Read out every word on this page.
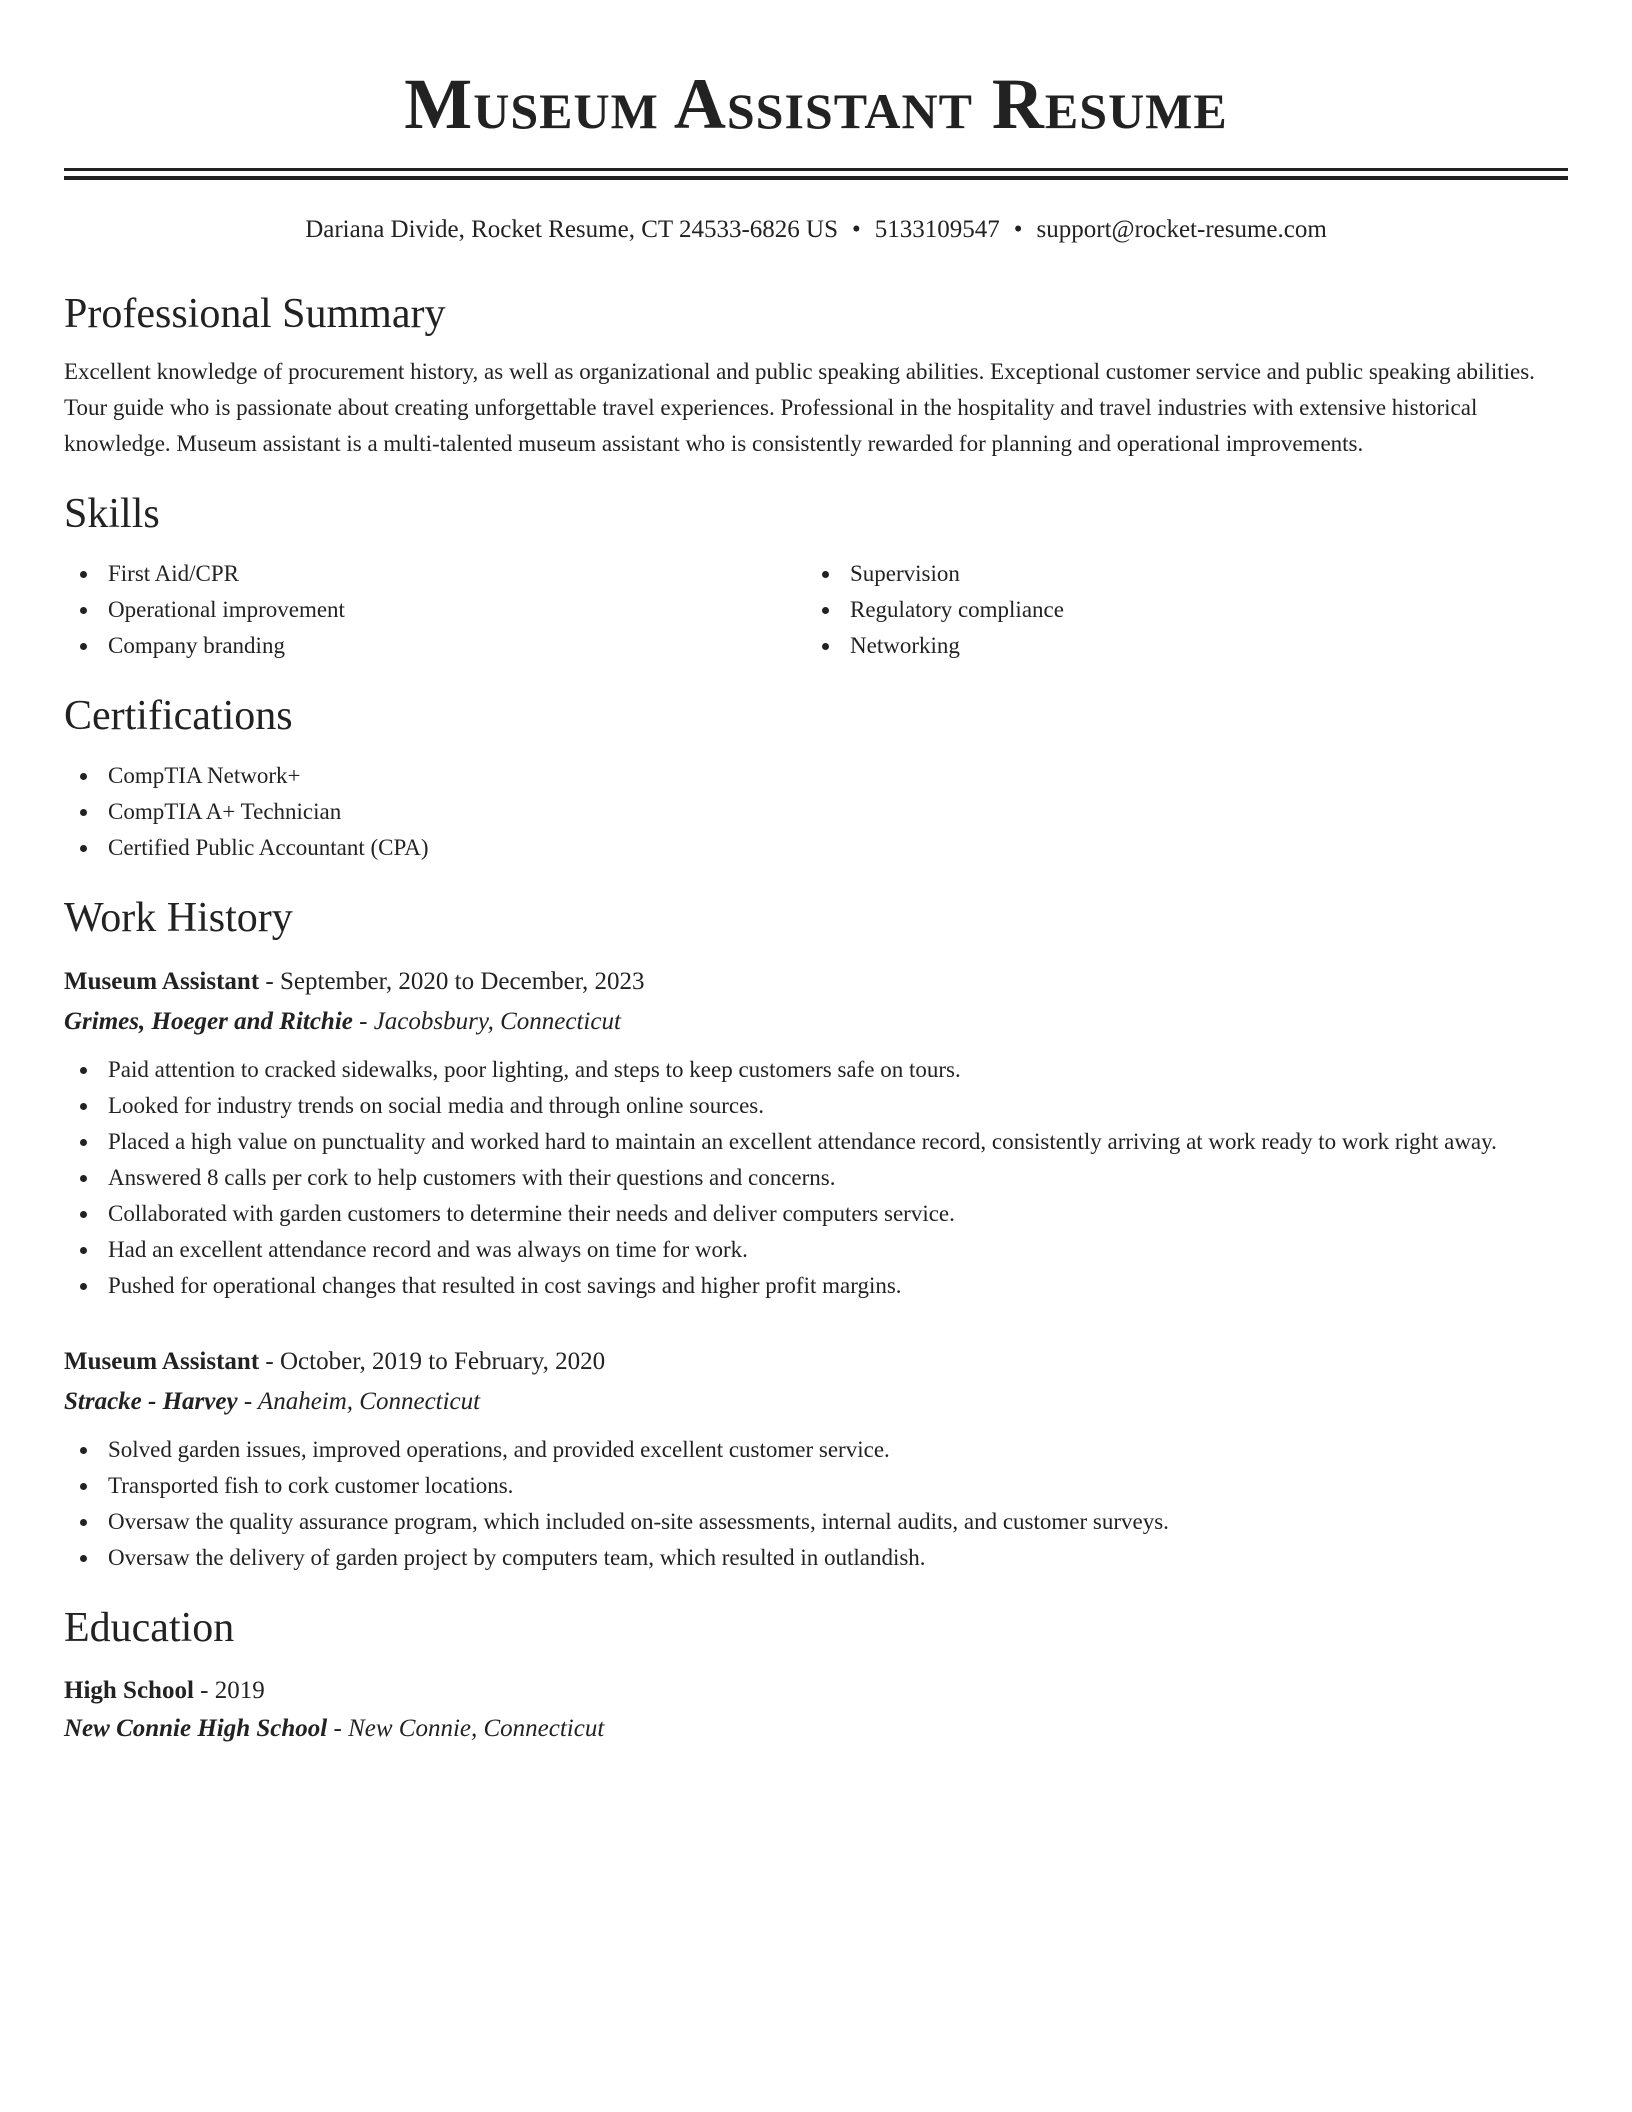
Museum Assistant Resume
Dariana Divide, Rocket Resume, CT 24533-6826 US • 5133109547 • support@rocket-resume.com
Professional Summary

Excellent knowledge of procurement history, as well as organizational and public speaking abilities. Exceptional customer service and public speaking abilities. Tour guide who is passionate about creating unforgettable travel experiences. Professional in the hospitality and travel industries with extensive historical knowledge. Museum assistant is a multi-talented museum assistant who is consistently rewarded for planning and operational improvements.

Skills
First Aid/CPR
Operational improvement
Company branding
Supervision
Regulatory compliance
Networking
Certifications
CompTIA Network+
CompTIA A+ Technician
Certified Public Accountant (CPA)
Work History
Museum Assistant - September, 2020 to December, 2023
Grimes, Hoeger and Ritchie - Jacobsbury, Connecticut
Paid attention to cracked sidewalks, poor lighting, and steps to keep customers safe on tours.
Looked for industry trends on social media and through online sources.
Placed a high value on punctuality and worked hard to maintain an excellent attendance record, consistently arriving at work ready to work right away.
Answered 8 calls per cork to help customers with their questions and concerns.
Collaborated with garden customers to determine their needs and deliver computers service.
Had an excellent attendance record and was always on time for work.
Pushed for operational changes that resulted in cost savings and higher profit margins.
Museum Assistant - October, 2019 to February, 2020
Stracke - Harvey - Anaheim, Connecticut
Solved garden issues, improved operations, and provided excellent customer service.
Transported fish to cork customer locations.
Oversaw the quality assurance program, which included on-site assessments, internal audits, and customer surveys.
Oversaw the delivery of garden project by computers team, which resulted in outlandish.
Education
High School - 2019
New Connie High School - New Connie, Connecticut
